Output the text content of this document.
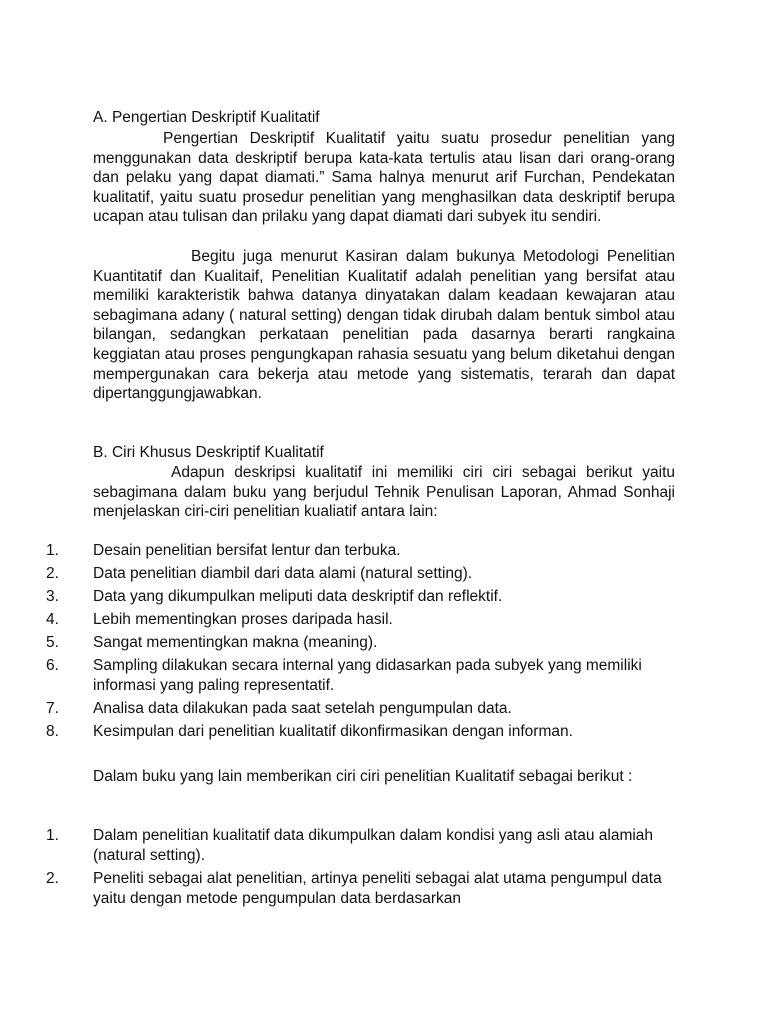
A. Pengertian Deskriptif Kualitatif
Pengertian Deskriptif Kualitatif yaitu suatu prosedur penelitian yang menggunakan data deskriptif berupa kata-kata tertulis atau lisan dari orang-orang dan pelaku yang dapat diamati.” Sama halnya menurut arif Furchan, Pendekatan kualitatif, yaitu suatu prosedur penelitian yang menghasilkan data deskriptif berupa ucapan atau tulisan dan prilaku yang dapat diamati dari subyek itu sendiri.
Begitu juga menurut Kasiran dalam bukunya Metodologi Penelitian Kuantitatif dan Kualitaif, Penelitian Kualitatif adalah penelitian yang bersifat atau memiliki karakteristik bahwa datanya dinyatakan dalam keadaan kewajaran atau sebagimana adany ( natural setting) dengan tidak dirubah dalam bentuk simbol atau bilangan, sedangkan perkataan penelitian pada dasarnya berarti rangkaina keggiatan atau proses pengungkapan rahasia sesuatu yang belum diketahui dengan mempergunakan cara bekerja atau metode yang sistematis, terarah dan dapat dipertanggungjawabkan.
B. Ciri Khusus Deskriptif Kualitatif
Adapun deskripsi kualitatif ini memiliki ciri ciri sebagai berikut yaitu sebagimana dalam buku yang berjudul Tehnik Penulisan Laporan, Ahmad Sonhaji menjelaskan ciri-ciri penelitian kualiatif antara lain:
1. Desain penelitian bersifat lentur dan terbuka.
2. Data penelitian diambil dari data alami (natural setting).
3. Data yang dikumpulkan meliputi data deskriptif dan reflektif.
4. Lebih mementingkan proses daripada hasil.
5. Sangat mementingkan makna (meaning).
6. Sampling dilakukan secara internal yang didasarkan pada subyek yang memiliki informasi yang paling representatif.
7. Analisa data dilakukan pada saat setelah pengumpulan data.
8. Kesimpulan dari penelitian kualitatif dikonfirmasikan dengan informan.
Dalam buku yang lain memberikan ciri ciri penelitian Kualitatif sebagai berikut :
1. Dalam penelitian kualitatif data dikumpulkan dalam kondisi yang asli atau alamiah (natural setting).
2. Peneliti sebagai alat penelitian, artinya peneliti sebagai alat utama pengumpul data yaitu dengan metode pengumpulan data berdasarkan
